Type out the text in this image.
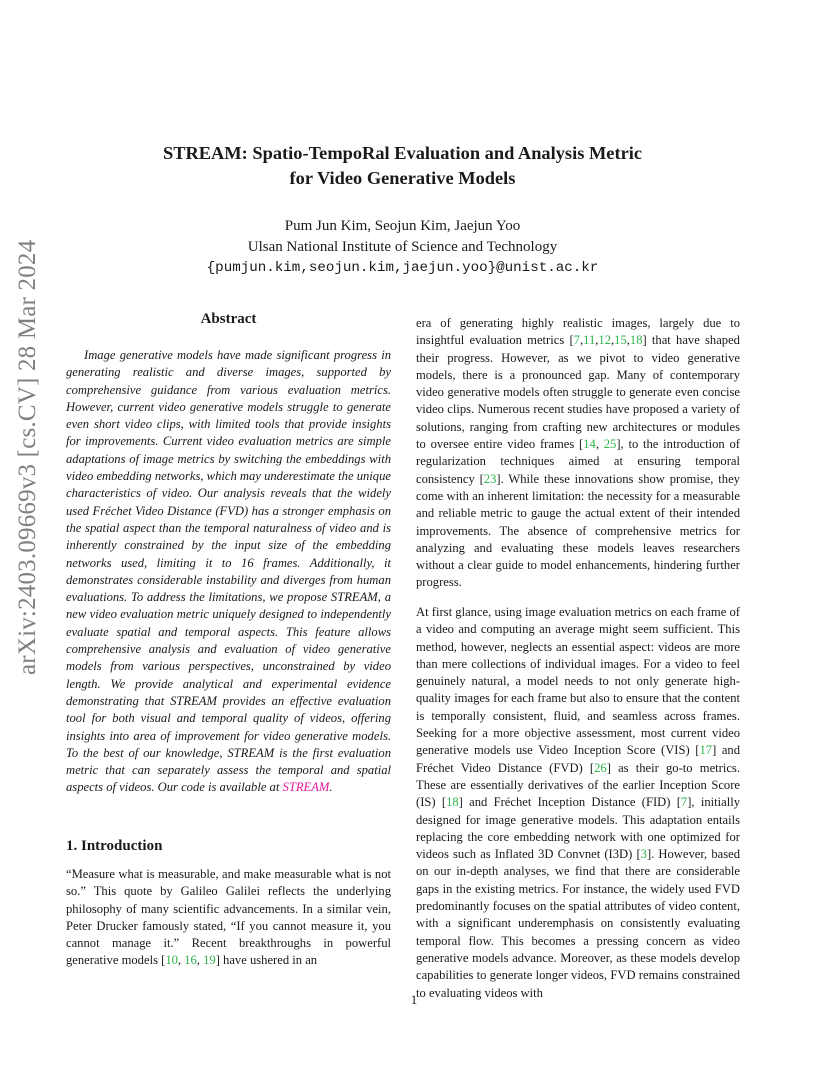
arXiv:2403.09669v3 [cs.CV] 28 Mar 2024
STREAM: Spatio-TempoRal Evaluation and Analysis Metric
for Video Generative Models
Pum Jun Kim, Seojun Kim, Jaejun Yoo
Ulsan National Institute of Science and Technology
{pumjun.kim,seojun.kim,jaejun.yoo}@unist.ac.kr
Abstract

Image generative models have made significant progress in generating realistic and diverse images, supported by comprehensive guidance from various evaluation metrics. However, current video generative models struggle to generate even short video clips, with limited tools that provide insights for improvements. Current video evaluation metrics are simple adaptations of image metrics by switching the embeddings with video embedding networks, which may underestimate the unique characteristics of video. Our analysis reveals that the widely used Fréchet Video Distance (FVD) has a stronger emphasis on the spatial aspect than the temporal naturalness of video and is inherently constrained by the input size of the embedding networks used, limiting it to 16 frames. Additionally, it demonstrates considerable instability and diverges from human evaluations. To address the limitations, we propose STREAM, a new video evaluation metric uniquely designed to independently evaluate spatial and temporal aspects. This feature allows comprehensive analysis and evaluation of video generative models from various perspectives, unconstrained by video length. We provide analytical and experimental evidence demonstrating that STREAM provides an effective evaluation tool for both visual and temporal quality of videos, offering insights into area of improvement for video generative models. To the best of our knowledge, STREAM is the first evaluation metric that can separately assess the temporal and spatial aspects of videos. Our code is available at STREAM.

1. Introduction

“Measure what is measurable, and make measurable what is not so.” This quote by Galileo Galilei reflects the underlying philosophy of many scientific advancements. In a similar vein, Peter Drucker famously stated, “If you cannot measure it, you cannot manage it.” Recent breakthroughs in powerful generative models [10, 16, 19] have ushered in an

era of generating highly realistic images, largely due to insightful evaluation metrics [7,11,12,15,18] that have shaped their progress. However, as we pivot to video generative models, there is a pronounced gap. Many of contemporary video generative models often struggle to generate even concise video clips. Numerous recent studies have proposed a variety of solutions, ranging from crafting new architectures or modules to oversee entire video frames [14, 25], to the introduction of regularization techniques aimed at ensuring temporal consistency [23]. While these innovations show promise, they come with an inherent limitation: the necessity for a measurable and reliable metric to gauge the actual extent of their intended improvements. The absence of comprehensive metrics for analyzing and evaluating these models leaves researchers without a clear guide to model enhancements, hindering further progress.

At first glance, using image evaluation metrics on each frame of a video and computing an average might seem sufficient. This method, however, neglects an essential aspect: videos are more than mere collections of individual images. For a video to feel genuinely natural, a model needs to not only generate high-quality images for each frame but also to ensure that the content is temporally consistent, fluid, and seamless across frames. Seeking for a more objective assessment, most current video generative models use Video Inception Score (VIS) [17] and Fréchet Video Distance (FVD) [26] as their go-to metrics. These are essentially derivatives of the earlier Inception Score (IS) [18] and Fréchet Inception Distance (FID) [7], initially designed for image generative models. This adaptation entails replacing the core embedding network with one optimized for videos such as Inflated 3D Convnet (I3D) [3]. However, based on our in-depth analyses, we find that there are considerable gaps in the existing metrics. For instance, the widely used FVD predominantly focuses on the spatial attributes of video content, with a significant underemphasis on consistently evaluating temporal flow. This becomes a pressing concern as video generative models advance. Moreover, as these models develop capabilities to generate longer videos, FVD remains constrained to evaluating videos with

1
